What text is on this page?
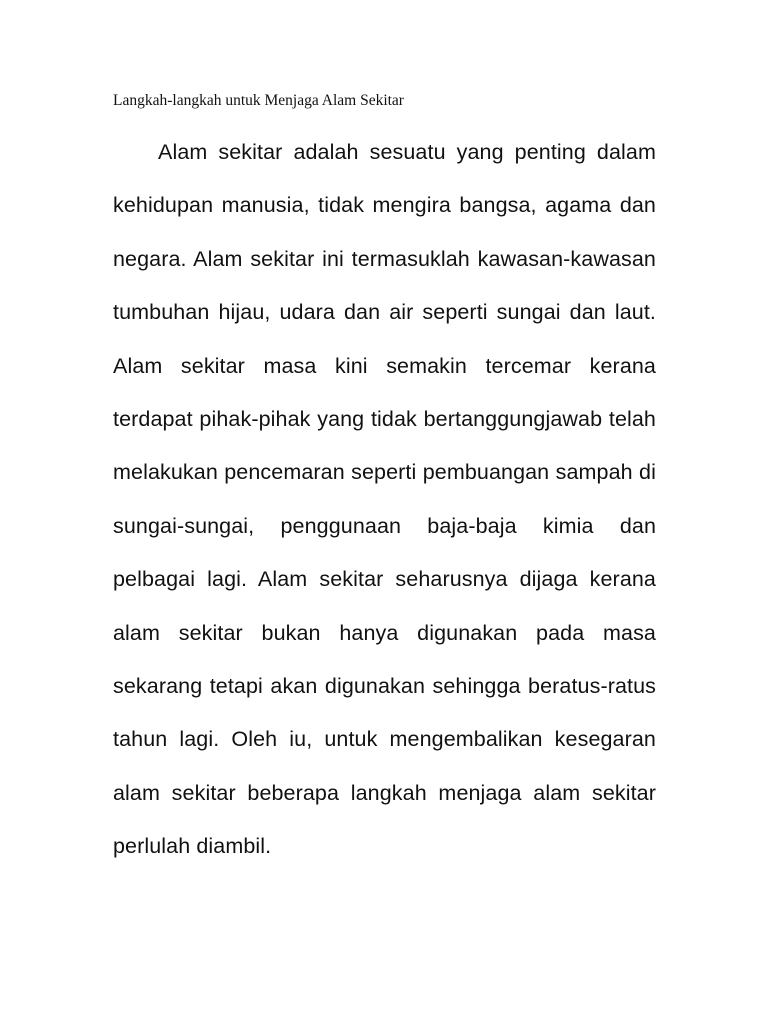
Langkah-langkah untuk Menjaga Alam Sekitar

Alam sekitar adalah sesuatu yang penting dalam kehidupan manusia, tidak mengira bangsa, agama dan negara. Alam sekitar ini termasuklah kawasan-kawasan tumbuhan hijau, udara dan air seperti sungai dan laut. Alam sekitar masa kini semakin tercemar kerana terdapat pihak-pihak yang tidak bertanggungjawab telah melakukan pencemaran seperti pembuangan sampah di sungai-sungai, penggunaan baja-baja kimia dan pelbagai lagi. Alam sekitar seharusnya dijaga kerana alam sekitar bukan hanya digunakan pada masa sekarang tetapi akan digunakan sehingga beratus-ratus tahun lagi. Oleh iu, untuk mengembalikan kesegaran alam sekitar beberapa langkah menjaga alam sekitar perlulah diambil.
